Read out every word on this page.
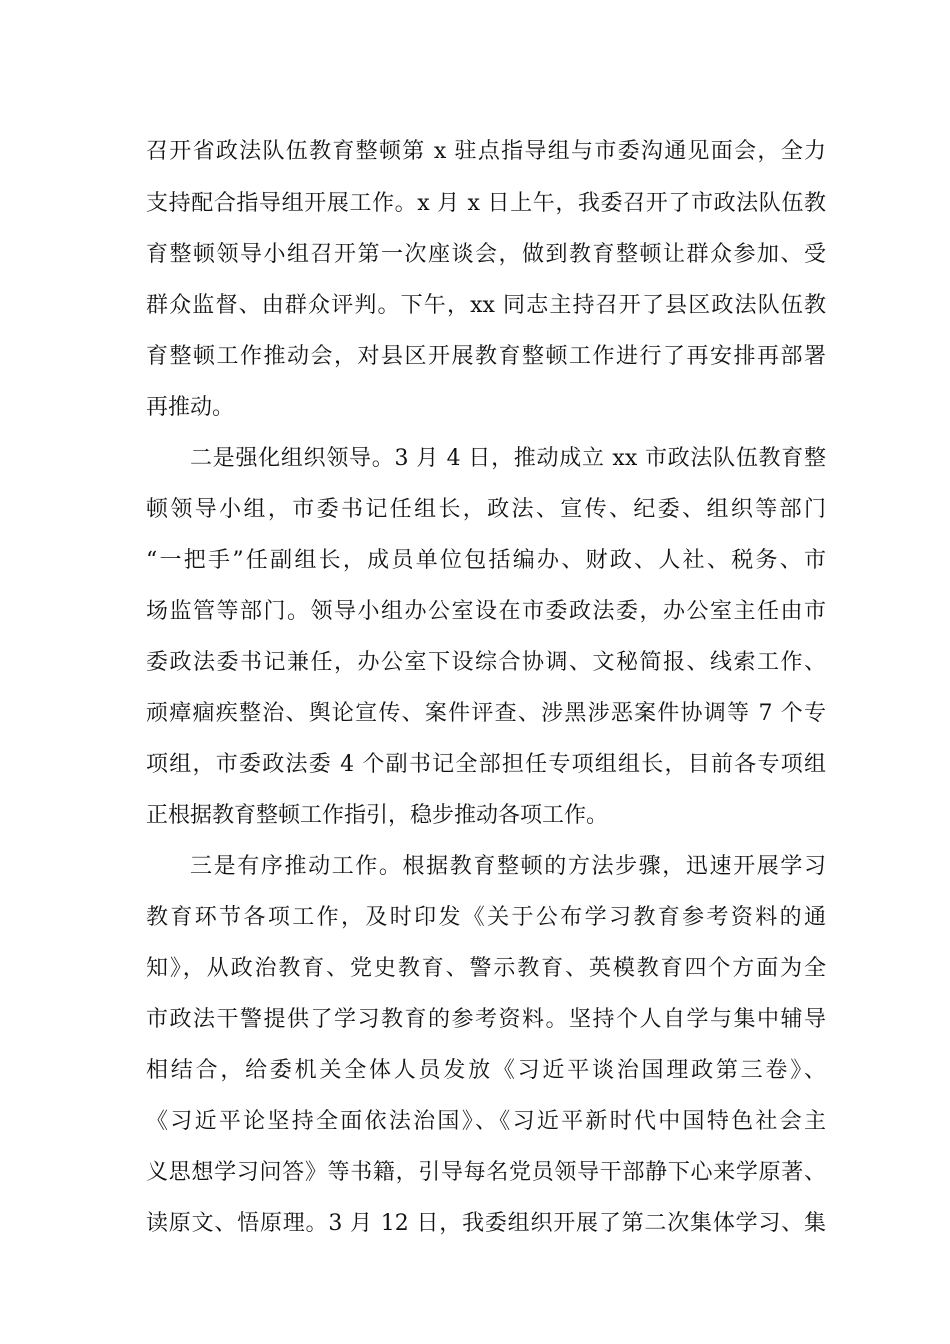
召开省政法队伍教育整顿第 x 驻点指导组与市委沟通见面会，全力
支持配合指导组开展工作。x 月 x 日上午，我委召开了市政法队伍教
育整顿领导小组召开第一次座谈会，做到教育整顿让群众参加、受
群众监督、由群众评判。下午，xx 同志主持召开了县区政法队伍教
育整顿工作推动会，对县区开展教育整顿工作进行了再安排再部署
再推动。
二是强化组织领导。3 月 4 日，推动成立 xx 市政法队伍教育整
顿领导小组，市委书记任组长，政法、宣传、纪委、组织等部门
“一把手”任副组长，成员单位包括编办、财政、人社、税务、市
场监管等部门。领导小组办公室设在市委政法委，办公室主任由市
委政法委书记兼任，办公室下设综合协调、文秘简报、线索工作、
顽瘴痼疾整治、舆论宣传、案件评查、涉黑涉恶案件协调等 7 个专
项组，市委政法委 4 个副书记全部担任专项组组长，目前各专项组
正根据教育整顿工作指引，稳步推动各项工作。
三是有序推动工作。根据教育整顿的方法步骤，迅速开展学习
教育环节各项工作，及时印发《关于公布学习教育参考资料的通
知》，从政治教育、党史教育、警示教育、英模教育四个方面为全
市政法干警提供了学习教育的参考资料。坚持个人自学与集中辅导
相结合，给委机关全体人员发放《习近平谈治国理政第三卷》、
《习近平论坚持全面依法治国》、《习近平新时代中国特色社会主
义思想学习问答》等书籍，引导每名党员领导干部静下心来学原著、
读原文、悟原理。3 月 12 日，我委组织开展了第二次集体学习、集
